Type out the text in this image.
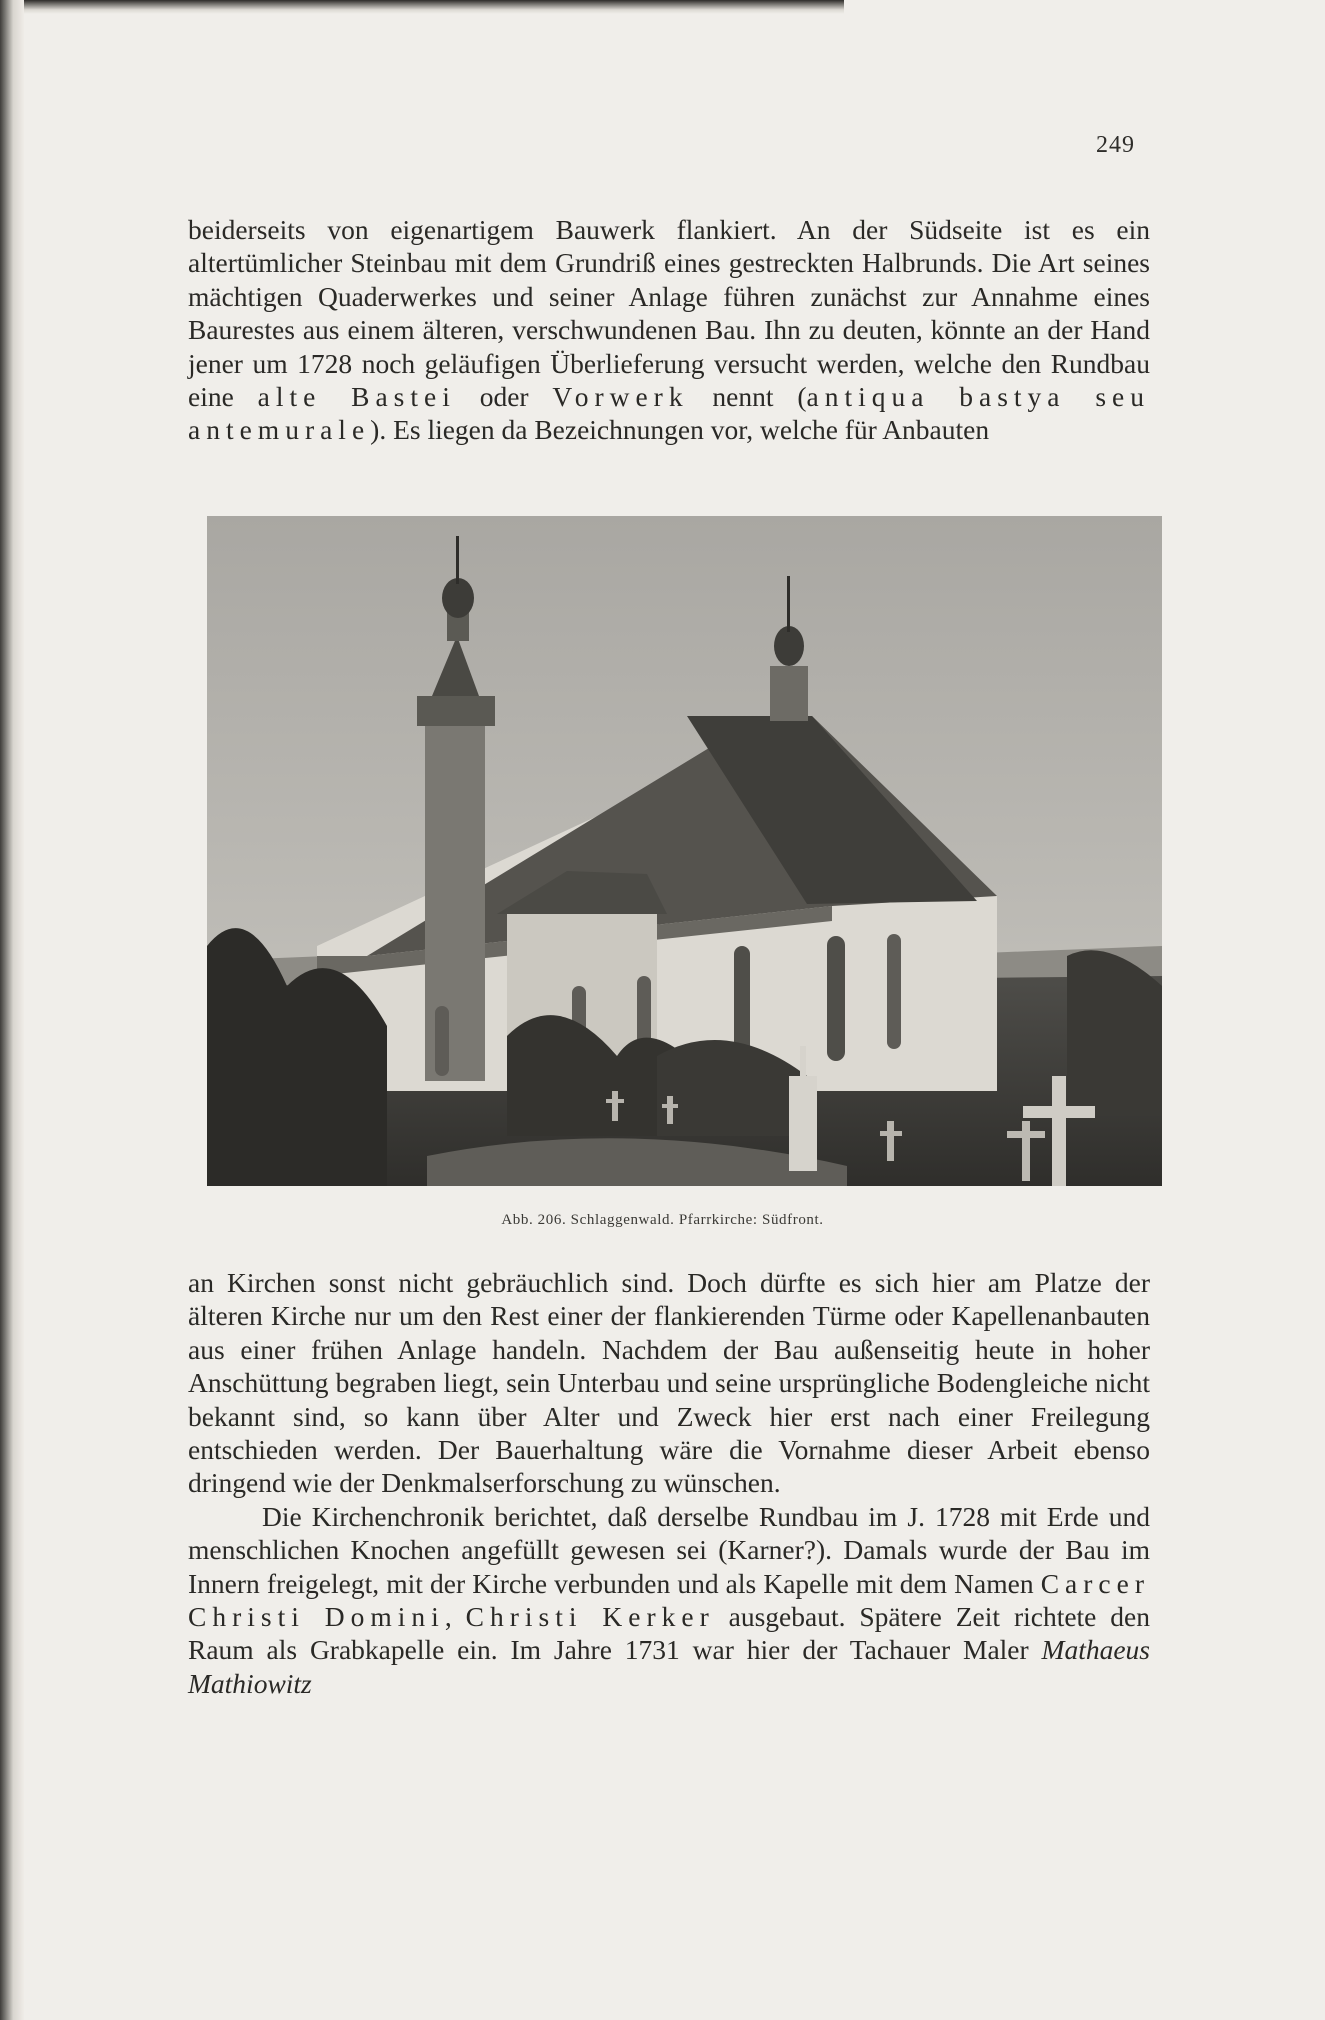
249

beiderseits von eigenartigem Bauwerk flankiert. An der Südseite ist es ein altertümlicher Steinbau mit dem Grundriß eines gestreckten Halbrunds. Die Art seines mächtigen Quaderwerkes und seiner Anlage führen zunächst zur Annahme eines Baurestes aus einem älteren, verschwundenen Bau. Ihn zu deuten, könnte an der Hand jener um 1728 noch geläufigen Überlieferung versucht werden, welche den Rundbau eine alte Bastei oder Vorwerk nennt (antiqua bastya seu antemurale). Es liegen da Bezeichnungen vor, welche für Anbauten

Abb. 206. Schlaggenwald. Pfarrkirche: Südfront.

an Kirchen sonst nicht gebräuchlich sind. Doch dürfte es sich hier am Platze der älteren Kirche nur um den Rest einer der flankierenden Türme oder Kapellenanbauten aus einer frühen Anlage handeln. Nachdem der Bau außenseitig heute in hoher Anschüttung begraben liegt, sein Unterbau und seine ursprüngliche Bodengleiche nicht bekannt sind, so kann über Alter und Zweck hier erst nach einer Freilegung entschieden werden. Der Bauerhaltung wäre die Vornahme dieser Arbeit ebenso dringend wie der Denkmalserforschung zu wünschen.

Die Kirchenchronik berichtet, daß derselbe Rundbau im J. 1728 mit Erde und menschlichen Knochen angefüllt gewesen sei (Karner?). Damals wurde der Bau im Innern freigelegt, mit der Kirche verbunden und als Kapelle mit dem Namen Carcer Christi Domini, Christi Kerker ausgebaut. Spätere Zeit richtete den Raum als Grabkapelle ein. Im Jahre 1731 war hier der Tachauer Maler Mathaeus Mathiowitz
